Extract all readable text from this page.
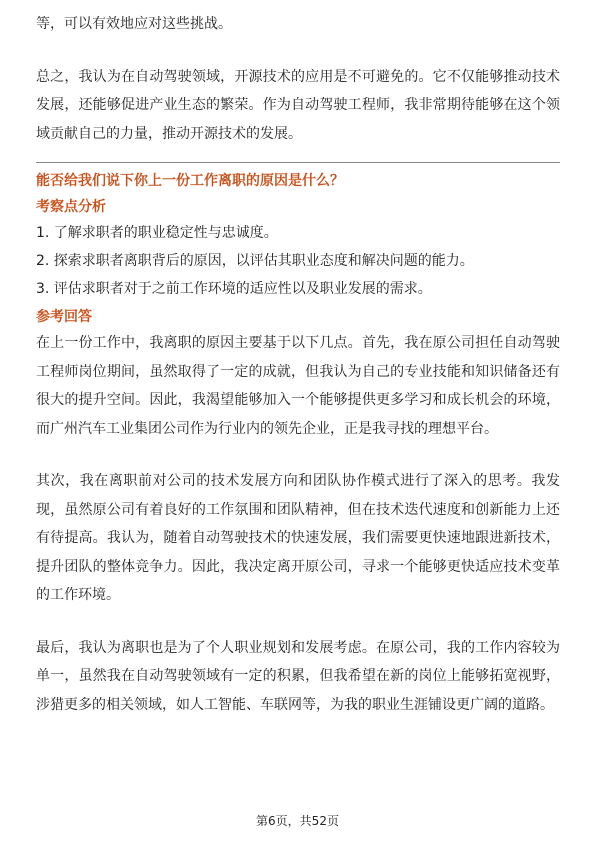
等，可以有效地应对这些挑战。

总之，我认为在自动驾驶领域，开源技术的应用是不可避免的。它不仅能够推动技术发展，还能够促进产业生态的繁荣。作为自动驾驶工程师，我非常期待能够在这个领域贡献自己的力量，推动开源技术的发展。

能否给我们说下你上一份工作离职的原因是什么？

考察点分析

1. 了解求职者的职业稳定性与忠诚度。

2. 探索求职者离职背后的原因，以评估其职业态度和解决问题的能力。

3. 评估求职者对于之前工作环境的适应性以及职业发展的需求。

参考回答

在上一份工作中，我离职的原因主要基于以下几点。首先，我在原公司担任自动驾驶工程师岗位期间，虽然取得了一定的成就，但我认为自己的专业技能和知识储备还有很大的提升空间。因此，我渴望能够加入一个能够提供更多学习和成长机会的环境，而广州汽车工业集团公司作为行业内的领先企业，正是我寻找的理想平台。

其次，我在离职前对公司的技术发展方向和团队协作模式进行了深入的思考。我发现，虽然原公司有着良好的工作氛围和团队精神，但在技术迭代速度和创新能力上还有待提高。我认为，随着自动驾驶技术的快速发展，我们需要更快速地跟进新技术，提升团队的整体竞争力。因此，我决定离开原公司，寻求一个能够更快适应技术变革的工作环境。

最后，我认为离职也是为了个人职业规划和发展考虑。在原公司，我的工作内容较为单一，虽然我在自动驾驶领域有一定的积累，但我希望在新的岗位上能够拓宽视野，涉猎更多的相关领域，如人工智能、车联网等，为我的职业生涯铺设更广阔的道路。

第6页，共52页
